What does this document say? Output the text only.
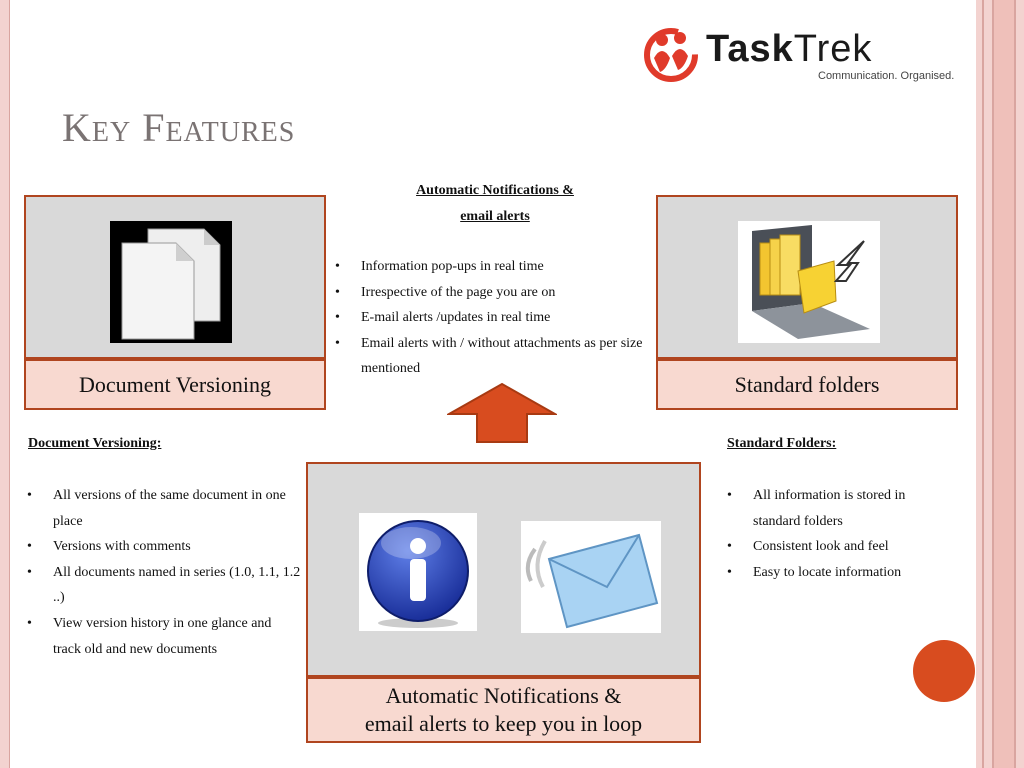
TaskTrek
Communication. Organised.
Key Features
Document Versioning	Standard folders
Automatic Notifications &
email alerts
• Information pop-ups in real time
• Irrespective of the page you are on
• E-mail alerts /updates in real time
• Email alerts with / without attachments as per size mentioned
Document Versioning:
• All versions of the same document in one place
• Versions with comments
• All documents named in series (1.0, 1.1, 1.2 ..)
• View version history in one glance and track old and new documents
Standard Folders:
• All information is stored in standard folders
• Consistent look and feel
• Easy to locate information
Automatic Notifications &
email alerts to keep you in loop
